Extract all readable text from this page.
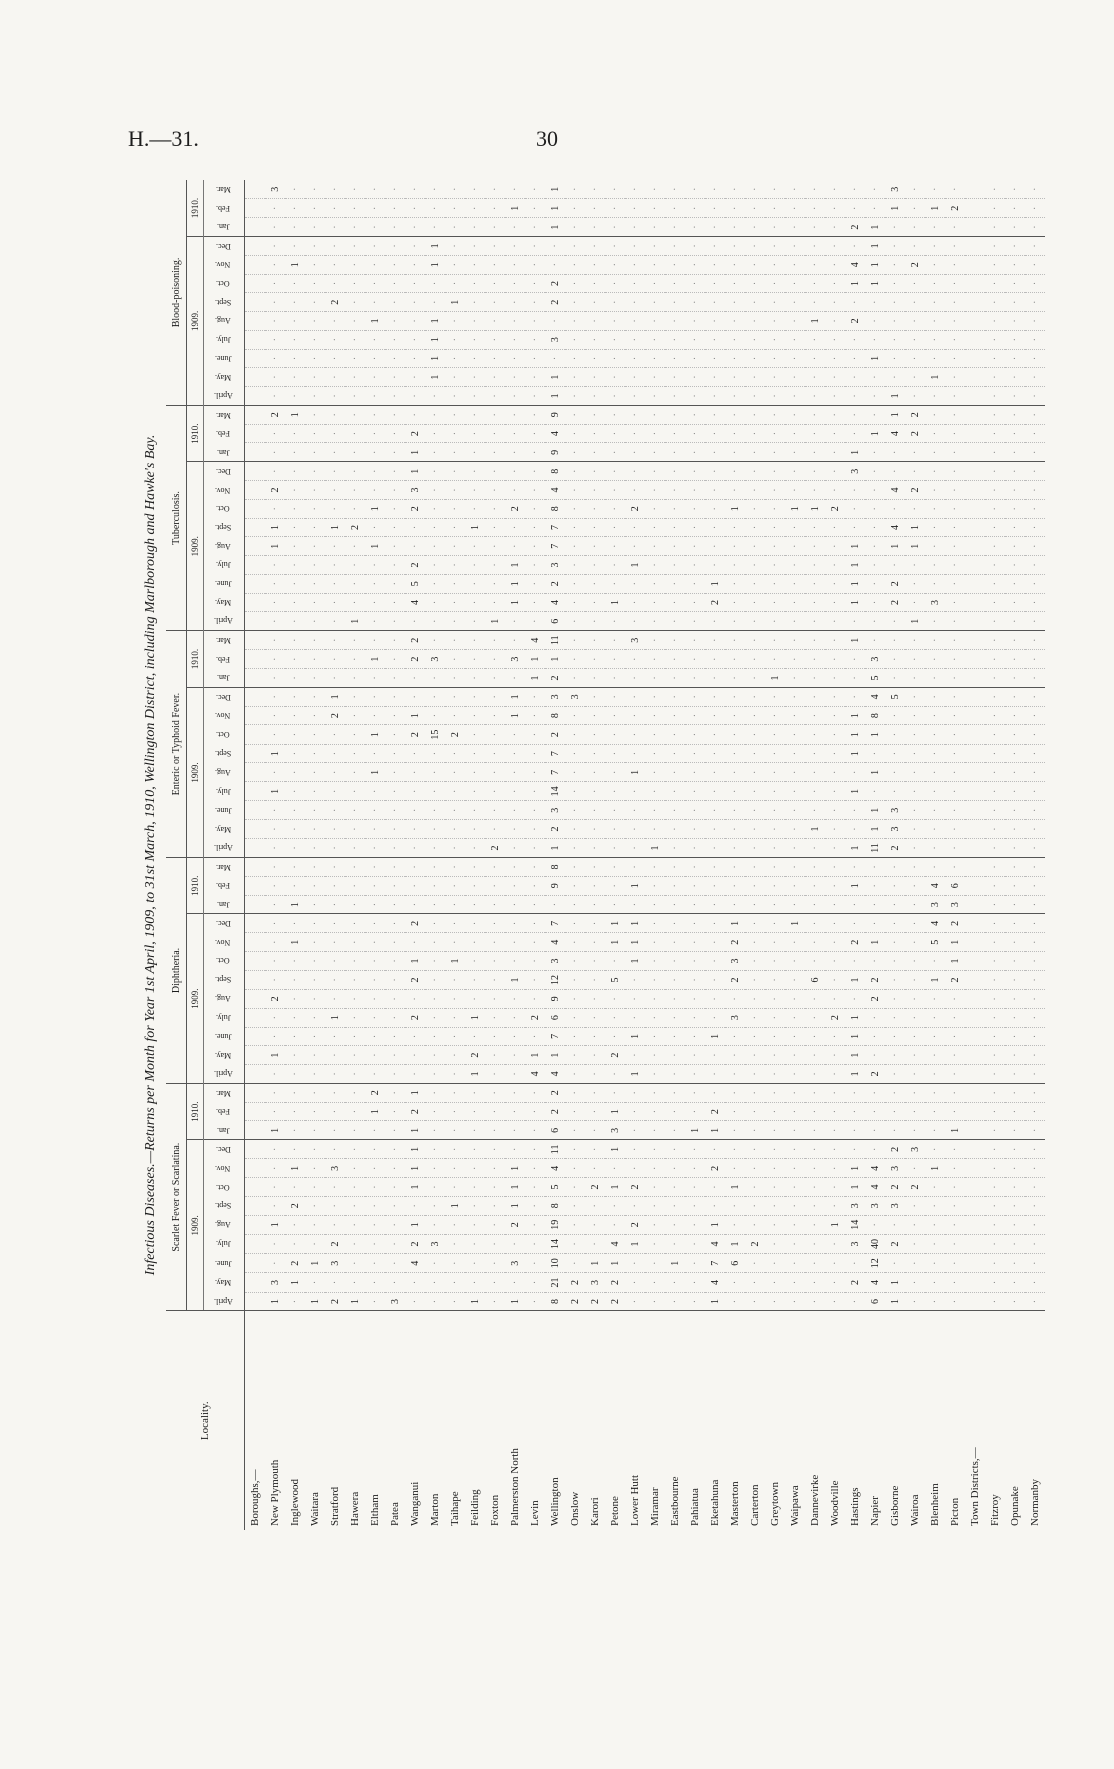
H.—31.	30
Infectious Diseases.—Returns per Month for Year 1st April, 1909, to 31st March, 1910, Wellington District, including Marlborough and Hawke's Bay.
Locality.	Scarlet Fever or Scarlatina.												Diphtheria.												Enteric or Typhoid Fever.												Tuberculosis.												Blood-poisoning.											
	1909.									1910.			1909.									1910.			1909.									1910.			1909.									1910.			1909.									1910.		
	April.	May.	June.	July.	Aug.	Sept.	Oct.	Nov.	Dec.	Jan.	Feb.	Mar.	April.	May.	June.	July.	Aug.	Sept.	Oct.	Nov.	Dec.	Jan.	Feb.	Mar.	April.	May.	June.	July.	Aug.	Sept.	Oct.	Nov.	Dec.	Jan.	Feb.	Mar.	April.	May.	June.	July.	Aug.	Sept.	Oct.	Nov.	Dec.	Jan.	Feb.	Mar.	April.	May.	June.	July.	Aug.	Sept.	Oct.	Nov.	Dec.	Jan.	Feb.	Mar.
Boroughs,—																																																												
New Plymouth	1	3	·	·	1	·	·	·	·	1	·	·	·	1	·	·	2	·	·	·	·	·	·	·	·	·	·	1	·	1	·	·	·	·	·	·	·	·	·	·	1	1	·	2	·	·	·	2	·	·	·	·	·	·	·	·	·	·	·	3
Inglewood	·	1	2	·	·	2	·	1	·	·	·	·	·	·	·	·	·	·	·	1	·	1	·	·	·	·	·	·	·	·	·	·	·	·	·	·	·	·	·	·	·	·	·	·	·	·	·	1	·	·	·	·	·	·	·	1	·	·	·	·
Waitara	1	·	1	·	·	·	·	·	·	·	·	·	·	·	·	·	·	·	·	·	·	·	·	·	·	·	·	·	·	·	·	·	·	·	·	·	·	·	·	·	·	·	·	·	·	·	·	·	·	·	·	·	·	·	·	·	·	·	·	·
Stratford	2	·	3	2	·	·	·	3	·	·	·	·	·	·	·	1	·	·	·	·	·	·	·	·	·	·	·	·	·	·	·	2	1	·	·	·	·	·	·	·	·	1	·	·	·	·	·	·	·	·	·	·	·	2	·	·	·	·	·	·
Hawera	1	·	·	·	·	·	·	·	·	·	·	·	·	·	·	·	·	·	·	·	·	·	·	·	·	·	·	·	·	·	·	·	·	·	·	·	1	·	·	·	·	2	·	·	·	·	·	·	·	·	·	·	·	·	·	·	·	·	·	·
Eltham	·	·	·	·	·	·	·	·	·	·	1	2	·	·	·	·	·	·	·	·	·	·	·	·	·	·	·	·	1	·	1	·	·	·	1	·	·	·	·	·	1	·	1	·	·	·	·	·	·	·	·	·	1	·	·	·	·	·	·	·
Patea	3	·	·	·	·	·	·	·	·	·	·	·	·	·	·	·	·	·	·	·	·	·	·	·	·	·	·	·	·	·	·	·	·	·	·	·	·	·	·	·	·	·	·	·	·	·	·	·	·	·	·	·	·	·	·	·	·	·	·	·
Wanganui	·	·	4	2	1	·	1	1	1	1	2	1	·	·	·	2	·	2	1	·	2	·	·	·	·	·	·	·	·	·	2	1	·	·	2	2	·	4	5	2	·	·	2	3	1	1	2	·	·	·	·	·	·	·	·	·	·	·	·	·
Marton	·	·	·	3	·	·	·	·	·	·	·	·	·	·	·	·	·	·	·	·	·	·	·	·	·	·	·	·	·	·	15	·	·	·	3	·	·	·	·	·	·	·	·	·	·	·	·	·	·	1	1	1	1	·	·	1	1	·	·	·
Taihape	·	·	·	·	·	1	·	·	·	·	·	·	·	·	·	·	·	·	1	·	·	·	·	·	·	·	·	·	·	·	2	·	·	·	·	·	·	·	·	·	·	·	·	·	·	·	·	·	·	·	·	·	·	1	·	·	·	·	·	·
Feilding	1	·	·	·	·	·	·	·	·	·	·	·	1	2	·	1	·	·	·	·	·	·	·	·	·	·	·	·	·	·	·	·	·	·	·	·	·	·	·	·	·	1	·	·	·	·	·	·	·	·	·	·	·	·	·	·	·	·	·	·
Foxton	·	·	·	·	·	·	·	·	·	·	·	·	·	·	·	·	·	·	·	·	·	·	·	·	2	·	·	·	·	·	·	·	·	·	·	·	1	·	·	·	·	·	·	·	·	·	·	·	·	·	·	·	·	·	·	·	·	·	·	·
Palmerston North	1	·	3	·	2	1	1	1	·	·	·	·	·	·	·	·	·	1	·	·	·	·	·	·	·	·	·	·	·	·	·	1	1	·	3	·	·	1	1	1	·	·	2	·	·	·	·	·	·	·	·	·	·	·	·	·	·	·	1	·
Levin	·	·	·	·	·	·	·	·	·	·	·	·	4	1	·	2	·	·	·	·	·	·	·	·	·	·	·	·	·	·	·	·	·	1	1	4	·	·	·	·	·	·	·	·	·	·	·	·	·	·	·	·	·	·	·	·	·	·	·	·
Wellington	8	21	10	14	19	8	5	4	11	6	2	2	4	1	7	6	9	12	3	4	7	·	9	8	1	2	3	14	7	7	2	8	3	2	1	11	6	4	2	3	7	7	8	4	8	9	4	9	1	1	·	3	·	2	2	·	·	1	1	1
Onslow	2	2	·	·	·	·	·	·	·	·	·	·	·	·	·	·	·	·	·	·	·	·	·	·	·	·	·	·	·	·	·	·	3	·	·	·	·	·	·	·	·	·	·	·	·	·	·	·	·	·	·	·	·	·	·	·	·	·	·	·
Karori	2	3	1	·	·	·	2	·	·	·	·	·	·	·	·	·	·	·	·	·	·	·	·	·	·	·	·	·	·	·	·	·	·	·	·	·	·	·	·	·	·	·	·	·	·	·	·	·	·	·	·	·	·	·	·	·	·	·	·	·
Petone	2	2	1	4	·	·	1	·	1	3	1	·	·	2	·	·	·	5	·	1	1	·	·	·	·	·	·	·	·	·	·	·	·	·	·	·	·	1	·	·	·	·	·	·	·	·	·	·	·	·	·	·	·	·	·	·	·	·	·	·
Lower Hutt	·	·	·	1	2	·	2	·	·	·	·	·	1	·	1	·	·	·	1	1	1	·	1	·	·	·	·	·	1	·	·	·	·	·	·	3	·	·	·	1	·	·	2	·	·	·	·	·	·	·	·	·	·	·	·	·	·	·	·	·
Miramar	·	·	·	·	·	·	·	·	·	·	·	·	·	·	·	·	·	·	·	·	·	·	·	·	1	·	·	·	·	·	·	·	·	·	·	·	·	·	·	·	·	·	·	·	·	·	·	·	·	·	·	·	·	·	·	·	·	·	·	·
Eastbourne	·	·	1	·	·	·	·	·	·	·	·	·	·	·	·	·	·	·	·	·	·	·	·	·	·	·	·	·	·	·	·	·	·	·	·	·	·	·	·	·	·	·	·	·	·	·	·	·	·	·	·	·	·	·	·	·	·	·	·	·
Pahiatua	·	·	·	·	·	·	·	·	·	1	·	·	·	·	·	·	·	·	·	·	·	·	·	·	·	·	·	·	·	·	·	·	·	·	·	·	·	·	·	·	·	·	·	·	·	·	·	·	·	·	·	·	·	·	·	·	·	·	·	·
Eketahuna	1	4	7	4	1	·	·	2	·	1	2	·	·	·	1	·	·	·	·	·	·	·	·	·	·	·	·	·	·	·	·	·	·	·	·	·	·	2	1	·	·	·	·	·	·	·	·	·	·	·	·	·	·	·	·	·	·	·	·	·
Masterton	·	·	6	1	·	·	1	·	·	·	·	·	·	·	·	3	·	2	3	2	1	·	·	·	·	·	·	·	·	·	·	·	·	·	·	·	·	·	·	·	·	·	1	·	·	·	·	·	·	·	·	·	·	·	·	·	·	·	·	·
Carterton	·	·	·	2	·	·	·	·	·	·	·	·	·	·	·	·	·	·	·	·	·	·	·	·	·	·	·	·	·	·	·	·	·	·	·	·	·	·	·	·	·	·	·	·	·	·	·	·	·	·	·	·	·	·	·	·	·	·	·	·
Greytown	·	·	·	·	·	·	·	·	·	·	·	·	·	·	·	·	·	·	·	·	·	·	·	·	·	·	·	·	·	·	·	·	·	1	·	·	·	·	·	·	·	·	·	·	·	·	·	·	·	·	·	·	·	·	·	·	·	·	·	·
Waipawa	·	·	·	·	·	·	·	·	·	·	·	·	·	·	·	·	·	·	·	·	1	·	·	·	·	·	·	·	·	·	·	·	·	·	·	·	·	·	·	·	·	·	1	·	·	·	·	·	·	·	·	·	·	·	·	·	·	·	·	·
Dannevirke	·	·	·	·	·	·	·	·	·	·	·	·	·	·	·	·	·	6	·	·	·	·	·	·	·	1	·	·	·	·	·	·	·	·	·	·	·	·	·	·	·	·	1	·	·	·	·	·	·	·	·	·	1	·	·	·	·	·	·	·
Woodville	·	·	·	·	1	·	·	·	·	·	·	·	·	·	·	2	·	·	·	·	·	·	·	·	·	·	·	·	·	·	·	·	·	·	·	·	·	·	·	·	·	·	2	·	·	·	·	·	·	·	·	·	·	·	·	·	·	·	·	·
Hastings	·	2	·	3	14	3	1	1	·	·	·	·	1	1	1	1	·	1	·	2	·	·	1	·	1	·	·	1	·	1	1	1	·	·	·	1	·	1	1	1	1	·	·	·	3	1	·	·	·	·	·	·	2	·	1	4	·	2	·	·
Napier	6	4	12	40	·	3	4	4	·	·	·	·	2	·	·	·	2	2	·	1	·	·	·	·	11	1	1	·	1	·	1	8	4	5	3	·	·	·	·	·	·	·	·	·	·	·	1	·	·	·	1	·	·	·	1	1	1	1	·	·
Gisborne	1	1	·	2	·	3	2	3	2	·	·	·	·	·	·	·	·	·	·	·	·	·	·	·	2	3	3	·	·	·	·	·	5	·	·	·	·	2	2	·	1	4	·	4	·	·	4	1	1	·	·	·	·	·	·	·	·	·	1	3
Wairoa	·	·	·	·	·	·	2	·	3	·	·	·	·	·	·	·	·	·	·	·	·	·	·	·	·	·	·	·	·	·	·	·	·	·	·	·	1	·	·	·	1	1	·	2	·	·	2	2	·	·	·	·	·	·	·	2	·	·	·	·
Blenheim	·	·	·	·	·	·	·	1	·	·	·	·	·	·	·	·	·	1	·	5	4	3	4	·	·	·	·	·	·	·	·	·	·	·	·	·	·	3	·	·	·	·	·	·	·	·	·	·	·	1	·	·	·	·	·	·	·	·	1	·
Picton	·	·	·	·	·	·	·	·	·	1	·	·	·	·	·	·	·	2	1	1	2	3	6	·	·	·	·	·	·	·	·	·	·	·	·	·	·	·	·	·	·	·	·	·	·	·	·	·	·	·	·	·	·	·	·	·	·	·	2	·
Town Districts,—																																																												
Fitzroy	·	·	·	·	·	·	·	·	·	·	·	·	·	·	·	·	·	·	·	·	·	·	·	·	·	·	·	·	·	·	·	·	·	·	·	·	·	·	·	·	·	·	·	·	·	·	·	·	·	·	·	·	·	·	·	·	·	·	·	·
Opunake	·	·	·	·	·	·	·	·	·	·	·	·	·	·	·	·	·	·	·	·	·	·	·	·	·	·	·	·	·	·	·	·	·	·	·	·	·	·	·	·	·	·	·	·	·	·	·	·	·	·	·	·	·	·	·	·	·	·	·	·
Normanby	·	·	·	·	·	·	·	·	·	·	·	·	·	·	·	·	·	·	·	·	·	·	·	·	·	·	·	·	·	·	·	·	·	·	·	·	·	·	·	·	·	·	·	·	·	·	·	·	·	·	·	·	·	·	·	·	·	·	·	·
